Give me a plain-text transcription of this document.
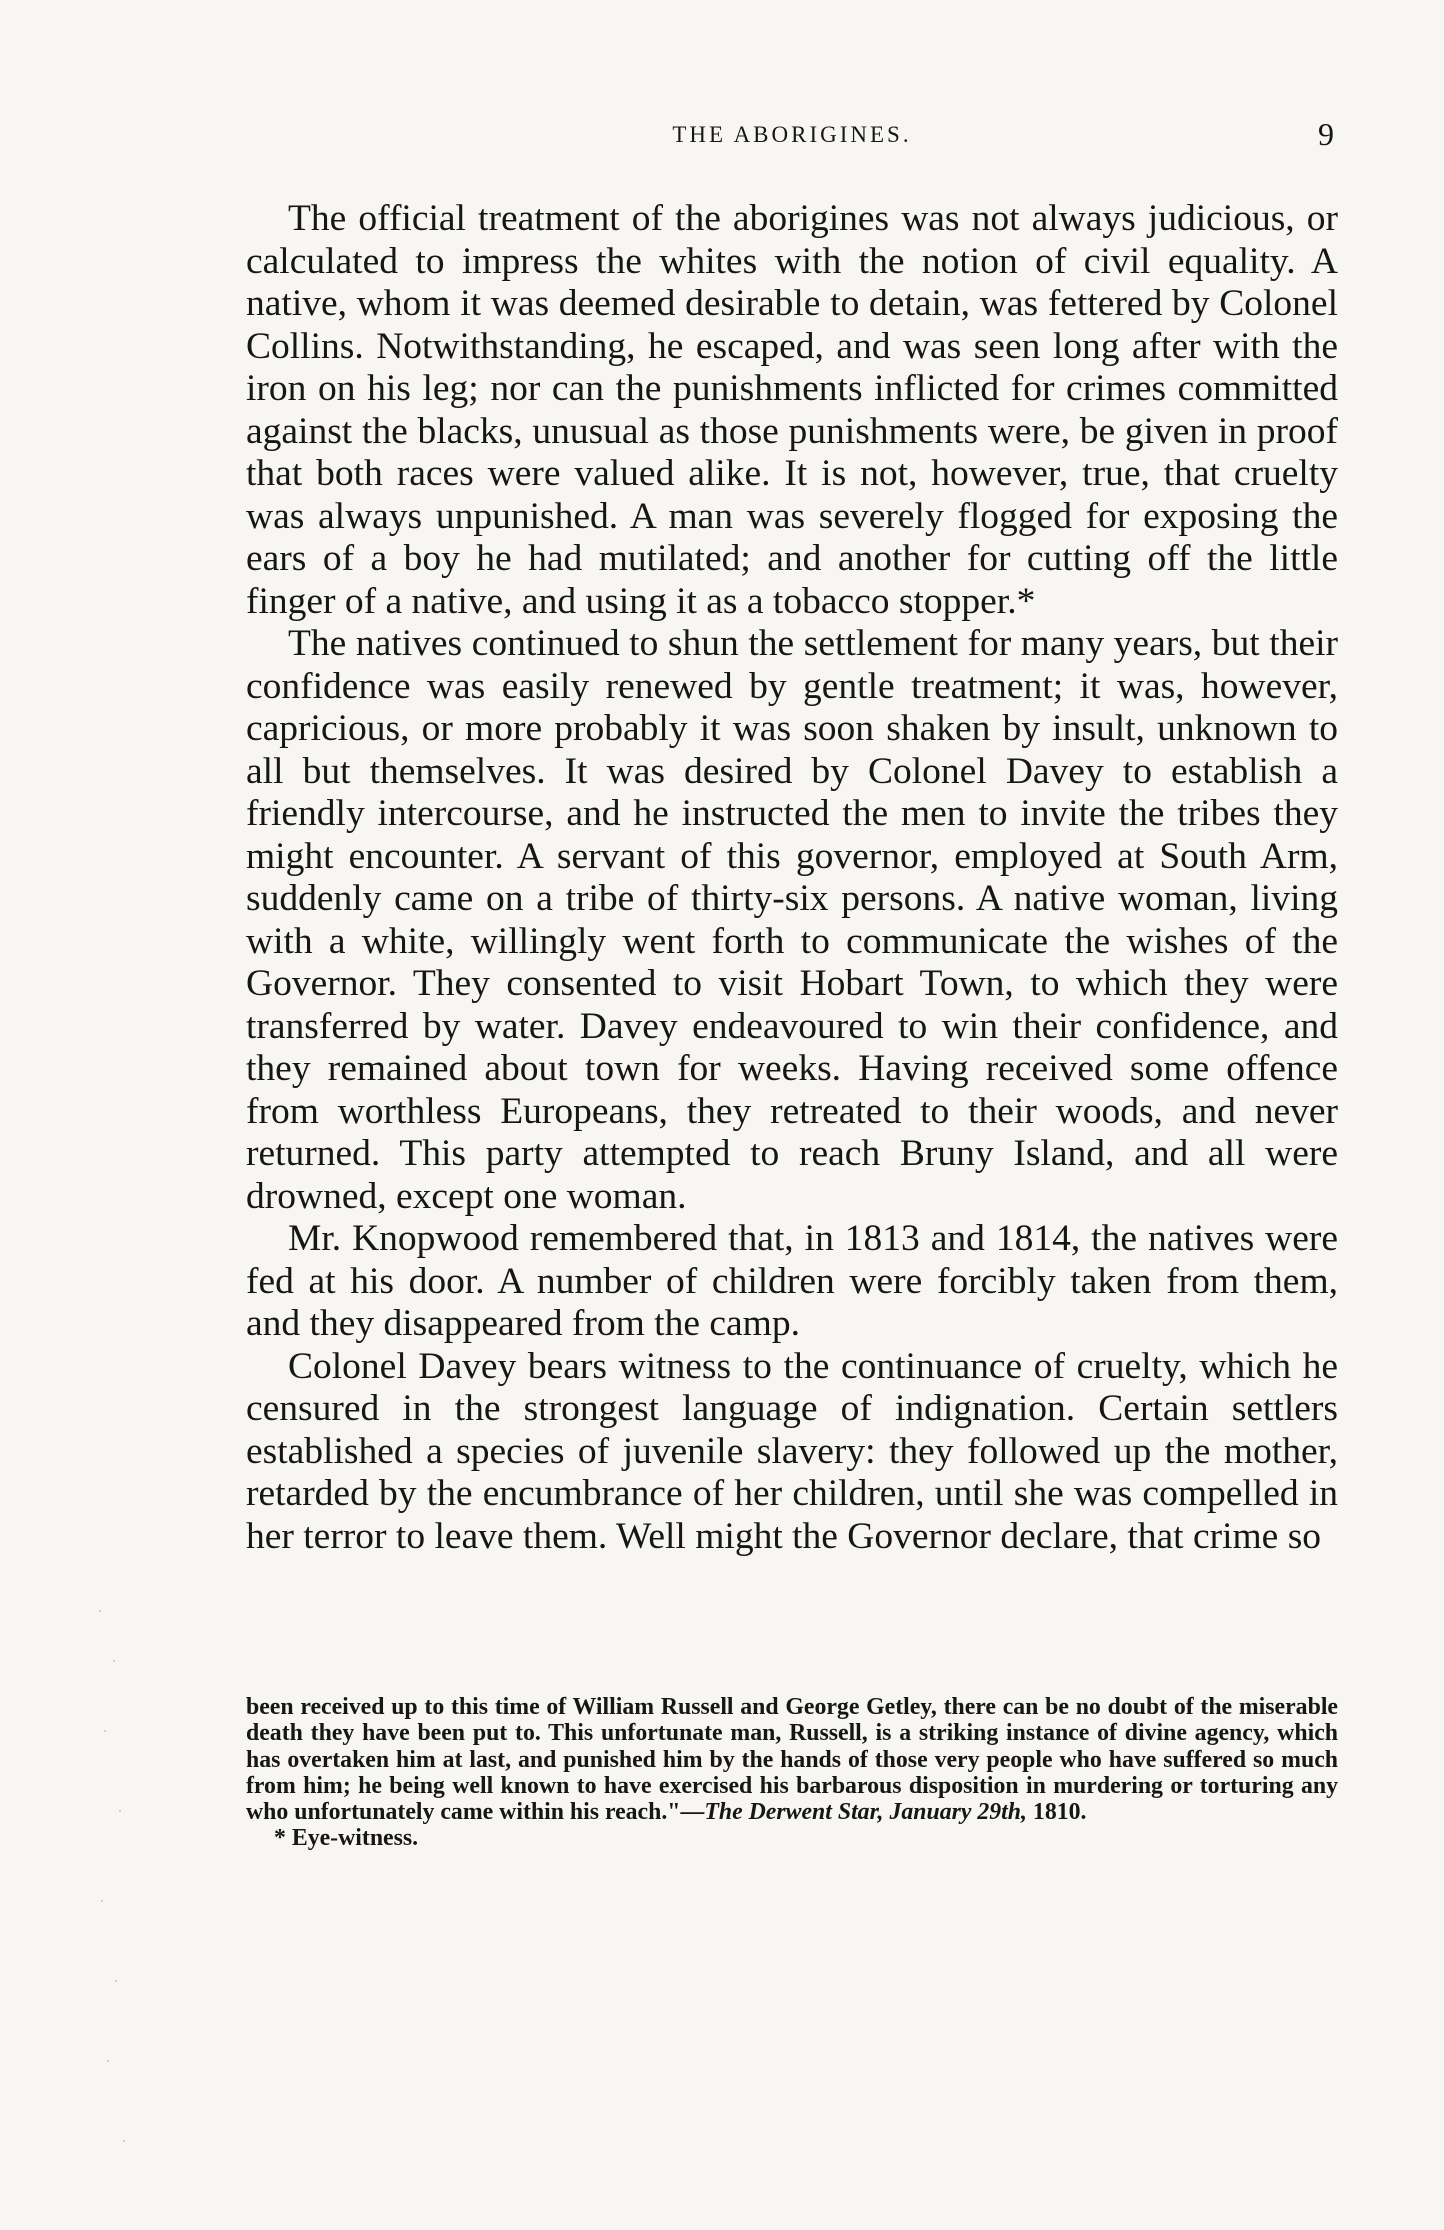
THE ABORIGINES.	9

The official treatment of the aborigines was not always judicious, or calculated to impress the whites with the notion of civil equality. A native, whom it was deemed desirable to detain, was fettered by Colonel Collins. Notwithstanding, he escaped, and was seen long after with the iron on his leg; nor can the punishments inflicted for crimes committed against the blacks, unusual as those punishments were, be given in proof that both races were valued alike. It is not, however, true, that cruelty was always unpunished. A man was severely flogged for exposing the ears of a boy he had mutilated; and another for cutting off the little finger of a native, and using it as a tobacco stopper.*

The natives continued to shun the settlement for many years, but their confidence was easily renewed by gentle treatment; it was, however, capricious, or more probably it was soon shaken by insult, unknown to all but themselves. It was desired by Colonel Davey to establish a friendly intercourse, and he instructed the men to invite the tribes they might encounter. A servant of this governor, employed at South Arm, suddenly came on a tribe of thirty-six persons. A native woman, living with a white, willingly went forth to communicate the wishes of the Governor. They consented to visit Hobart Town, to which they were transferred by water. Davey endeavoured to win their confidence, and they remained about town for weeks. Having received some offence from worthless Europeans, they retreated to their woods, and never returned. This party attempted to reach Bruny Island, and all were drowned, except one woman.

Mr. Knopwood remembered that, in 1813 and 1814, the natives were fed at his door. A number of children were forcibly taken from them, and they disappeared from the camp.

Colonel Davey bears witness to the continuance of cruelty, which he censured in the strongest language of indignation. Certain settlers established a species of juvenile slavery: they followed up the mother, retarded by the encumbrance of her children, until she was compelled in her terror to leave them. Well might the Governor declare, that crime so

been received up to this time of William Russell and George Getley, there can be no doubt of the miserable death they have been put to. This unfortunate man, Russell, is a striking instance of divine agency, which has overtaken him at last, and punished him by the hands of those very people who have suffered so much from him; he being well known to have exercised his barbarous disposition in murdering or torturing any who unfortunately came within his reach."—The Derwent Star, January 29th, 1810.

* Eye-witness.
